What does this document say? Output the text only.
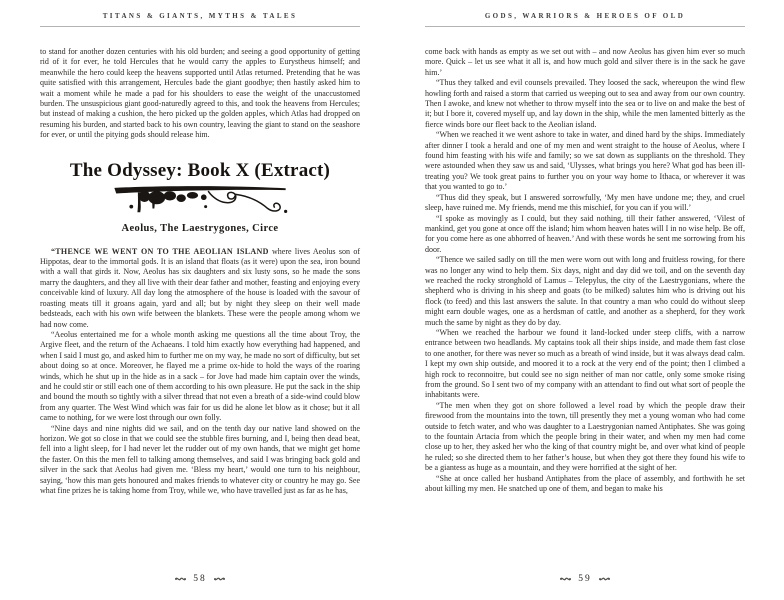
TITANS & GIANTS, MYTHS & TALES

to stand for another dozen centuries with his old burden; and seeing a good opportunity of getting rid of it for ever, he told Hercules that he would carry the apples to Eurystheus himself; and meanwhile the hero could keep the heavens supported until Atlas returned. Pretending that he was quite satisfied with this arrangement, Hercules bade the giant goodbye; then hastily asked him to wait a moment while he made a pad for his shoulders to ease the weight of the unaccustomed burden. The unsuspicious giant good-naturedly agreed to this, and took the heavens from Hercules; but instead of making a cushion, the hero picked up the golden apples, which Atlas had dropped on resuming his burden, and started back to his own country, leaving the giant to stand on the seashore for ever, or until the pitying gods should release him.

The Odyssey: Book X (Extract)
Aeolus, The Laestrygones, Circe

“THENCE WE WENT ON TO THE AEOLIAN ISLAND where lives Aeolus son of Hippotas, dear to the immortal gods. It is an island that floats (as it were) upon the sea, iron bound with a wall that girds it. Now, Aeolus has six daughters and six lusty sons, so he made the sons marry the daughters, and they all live with their dear father and mother, feasting and enjoying every conceivable kind of luxury. All day long the atmosphere of the house is loaded with the savour of roasting meats till it groans again, yard and all; but by night they sleep on their well made bedsteads, each with his own wife between the blankets. These were the people among whom we had now come.

“Aeolus entertained me for a whole month asking me questions all the time about Troy, the Argive fleet, and the return of the Achaeans. I told him exactly how everything had happened, and when I said I must go, and asked him to further me on my way, he made no sort of difficulty, but set about doing so at once. Moreover, he flayed me a prime ox-hide to hold the ways of the roaring winds, which he shut up in the hide as in a sack – for Jove had made him captain over the winds, and he could stir or still each one of them according to his own pleasure. He put the sack in the ship and bound the mouth so tightly with a silver thread that not even a breath of a side-wind could blow from any quarter. The West Wind which was fair for us did he alone let blow as it chose; but it all came to nothing, for we were lost through our own folly.

“Nine days and nine nights did we sail, and on the tenth day our native land showed on the horizon. We got so close in that we could see the stubble fires burning, and I, being then dead beat, fell into a light sleep, for I had never let the rudder out of my own hands, that we might get home the faster. On this the men fell to talking among themselves, and said I was bringing back gold and silver in the sack that Aeolus had given me. ‘Bless my heart,’ would one turn to his neighbour, saying, ‘how this man gets honoured and makes friends to whatever city or country he may go. See what fine prizes he is taking home from Troy, while we, who have travelled just as far as he has,

58
GODS, WARRIORS & HEROES OF OLD

come back with hands as empty as we set out with – and now Aeolus has given him ever so much more. Quick – let us see what it all is, and how much gold and silver there is in the sack he gave him.’

“Thus they talked and evil counsels prevailed. They loosed the sack, whereupon the wind flew howling forth and raised a storm that carried us weeping out to sea and away from our own country. Then I awoke, and knew not whether to throw myself into the sea or to live on and make the best of it; but I bore it, covered myself up, and lay down in the ship, while the men lamented bitterly as the fierce winds bore our fleet back to the Aeolian island.

“When we reached it we went ashore to take in water, and dined hard by the ships. Immediately after dinner I took a herald and one of my men and went straight to the house of Aeolus, where I found him feasting with his wife and family; so we sat down as suppliants on the threshold. They were astounded when they saw us and said, ‘Ulysses, what brings you here? What god has been ill-treating you? We took great pains to further you on your way home to Ithaca, or wherever it was that you wanted to go to.’

“Thus did they speak, but I answered sorrowfully, ‘My men have undone me; they, and cruel sleep, have ruined me. My friends, mend me this mischief, for you can if you will.’

“I spoke as movingly as I could, but they said nothing, till their father answered, ‘Vilest of mankind, get you gone at once off the island; him whom heaven hates will I in no wise help. Be off, for you come here as one abhorred of heaven.’ And with these words he sent me sorrowing from his door.

“Thence we sailed sadly on till the men were worn out with long and fruitless rowing, for there was no longer any wind to help them. Six days, night and day did we toil, and on the seventh day we reached the rocky stronghold of Lamus – Telepylus, the city of the Laestrygonians, where the shepherd who is driving in his sheep and goats (to be milked) salutes him who is driving out his flock (to feed) and this last answers the salute. In that country a man who could do without sleep might earn double wages, one as a herdsman of cattle, and another as a shepherd, for they work much the same by night as they do by day.

“When we reached the harbour we found it land-locked under steep cliffs, with a narrow entrance between two headlands. My captains took all their ships inside, and made them fast close to one another, for there was never so much as a breath of wind inside, but it was always dead calm. I kept my own ship outside, and moored it to a rock at the very end of the point; then I climbed a high rock to reconnoitre, but could see no sign neither of man nor cattle, only some smoke rising from the ground. So I sent two of my company with an attendant to find out what sort of people the inhabitants were.

“The men when they got on shore followed a level road by which the people draw their firewood from the mountains into the town, till presently they met a young woman who had come outside to fetch water, and who was daughter to a Laestrygonian named Antiphates. She was going to the fountain Artacia from which the people bring in their water, and when my men had come close up to her, they asked her who the king of that country might be, and over what kind of people he ruled; so she directed them to her father’s house, but when they got there they found his wife to be a giantess as huge as a mountain, and they were horrified at the sight of her.

“She at once called her husband Antiphates from the place of assembly, and forthwith he set about killing my men. He snatched up one of them, and began to make his

59
